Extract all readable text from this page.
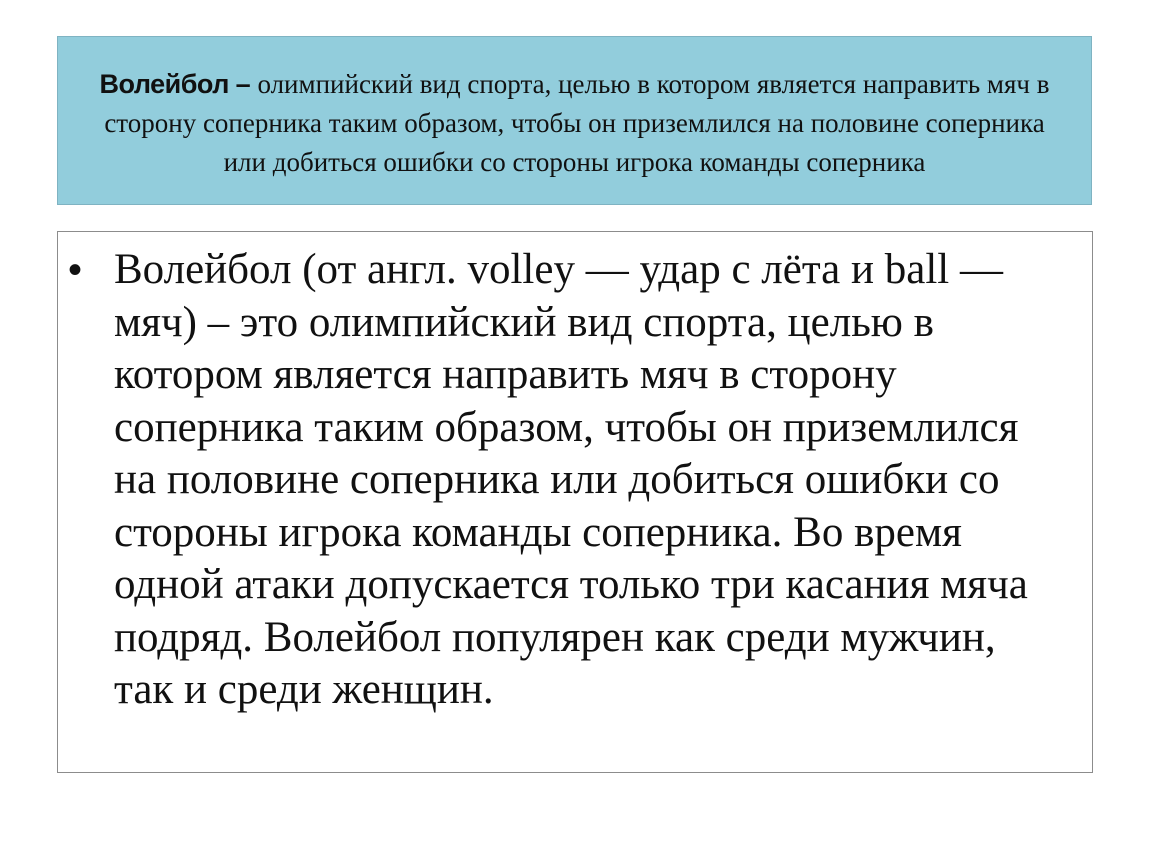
Волейбол – олимпийский вид спорта, целью в котором является направить мяч в сторону соперника таким образом, чтобы он приземлился на половине соперника или добиться ошибки со стороны игрока команды соперника
• Волейбол (от англ. volley — удар с лёта и ball — мяч) – это олимпийский вид спорта, целью в котором является направить мяч в сторону соперника таким образом, чтобы он приземлился на половине соперника или добиться ошибки со стороны игрока команды соперника. Во время одной атаки допускается только три касания мяча подряд. Волейбол популярен как среди мужчин, так и среди женщин.
